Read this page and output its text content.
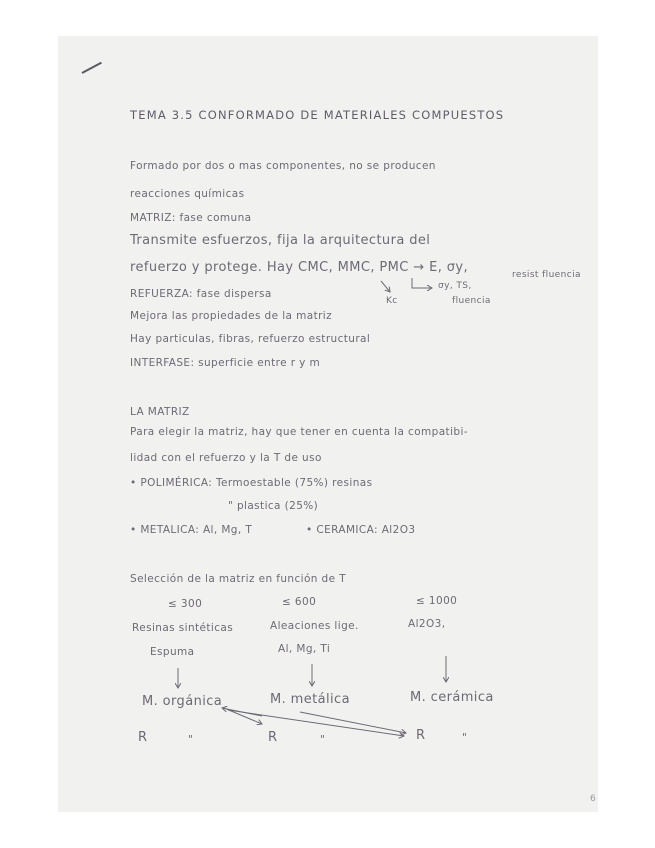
TEMA 3.5 CONFORMADO DE MATERIALES COMPUESTOS
Formado por dos o mas componentes, no se producen
reacciones químicas
MATRIZ: fase comuna
Transmite esfuerzos, fija la arquitectura del
refuerzo y protege. Hay CMC, MMC, PMC → E, σy,	resist fluencia
REFUERZA: fase dispersa
Kc
σy, TS,
fluencia
Mejora las propiedades de la matriz
Hay particulas, fibras, refuerzo estructural
INTERFASE: superficie entre r y m
LA MATRIZ
Para elegir la matriz, hay que tener en cuenta la compatibi-
lidad con el refuerzo y la T de uso
• POLIMÉRICA: Termoestable (75%) resinas
" plastica (25%)
• METALICA: Al, Mg, T	• CERAMICA: Al2O3
Selección de la matriz en función de T
≤ 300	≤ 600	≤ 1000
Resinas sintéticas	Aleaciones lige.	Al2O3,
Espuma	Al, Mg, Ti
M. orgánica	M. metálica	M. cerámica
R	"	R	"	R	"
6
